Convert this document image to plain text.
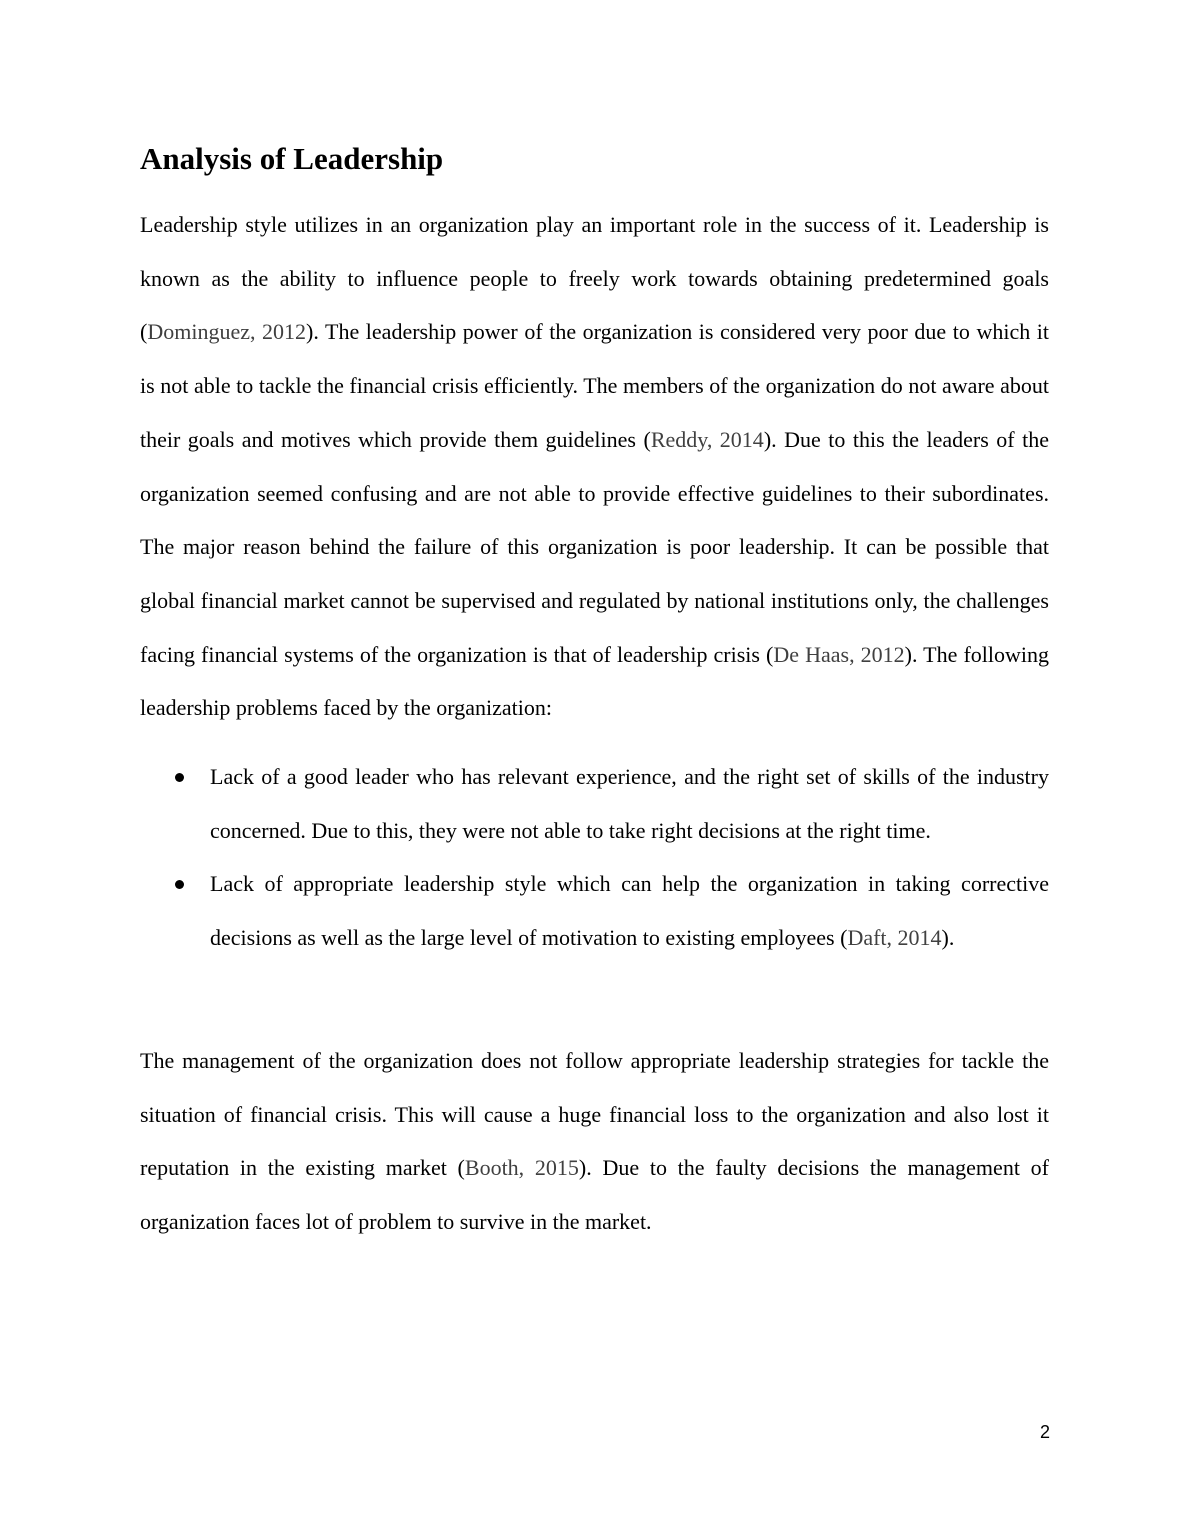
Analysis of Leadership

Leadership style utilizes in an organization play an important role in the success of it. Leadership is known as the ability to influence people to freely work towards obtaining predetermined goals (Dominguez, 2012). The leadership power of the organization is considered very poor due to which it is not able to tackle the financial crisis efficiently. The members of the organization do not aware about their goals and motives which provide them guidelines (Reddy, 2014). Due to this the leaders of the organization seemed confusing and are not able to provide effective guidelines to their subordinates. The major reason behind the failure of this organization is poor leadership. It can be possible that global financial market cannot be supervised and regulated by national institutions only, the challenges facing financial systems of the organization is that of leadership crisis (De Haas, 2012). The following leadership problems faced by the organization:

Lack of a good leader who has relevant experience, and the right set of skills of the industry concerned. Due to this, they were not able to take right decisions at the right time.
Lack of appropriate leadership style which can help the organization in taking corrective decisions as well as the large level of motivation to existing employees (Daft, 2014).

The management of the organization does not follow appropriate leadership strategies for tackle the situation of financial crisis. This will cause a huge financial loss to the organization and also lost it reputation in the existing market (Booth, 2015). Due to the faulty decisions the management of organization faces lot of problem to survive in the market.

2
